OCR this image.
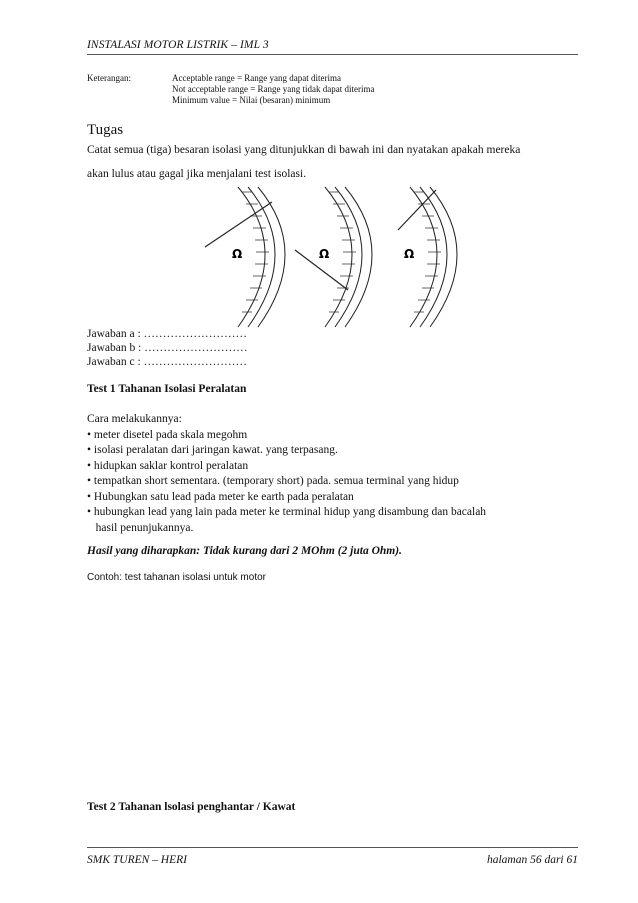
INSTALASI MOTOR LISTRIK – IML 3
Keterangan:	Acceptable range = Range yang dapat diterima
Not acceptable range = Range yang tidak dapat diterima
Minimum value = Nilai (besaran) minimum
Tugas
Catat semua (tiga) besaran isolasi yang ditunjukkan di bawah ini dan nyatakan apakah mereka
akan lulus atau gagal jika menjalani test isolasi.
Ω	Ω	Ω
Jawaban a : ………………………
Jawaban b : ………………………
Jawaban c : ………………………
Test 1 Tahanan Isolasi Peralatan
Cara melakukannya:
• meter disetel pada skala megohm
• isolasi peralatan dari jaringan kawat. yang terpasang.
• hidupkan saklar kontrol peralatan
• tempatkan short sementara. (temporary short) pada. semua terminal yang hidup
• Hubungkan satu lead pada meter ke earth pada peralatan
• hubungkan lead yang lain pada meter ke terminal hidup yang disambung dan bacalah
hasil penunjukannya.
Hasil yang diharapkan: Tidak kurang dari 2 MOhm (2 juta Ohm).
Contoh: test tahanan isolasi untuk motor
Test 2 Tahanan lsolasi penghantar / Kawat
SMK TUREN – HERI	halaman 56 dari 61
